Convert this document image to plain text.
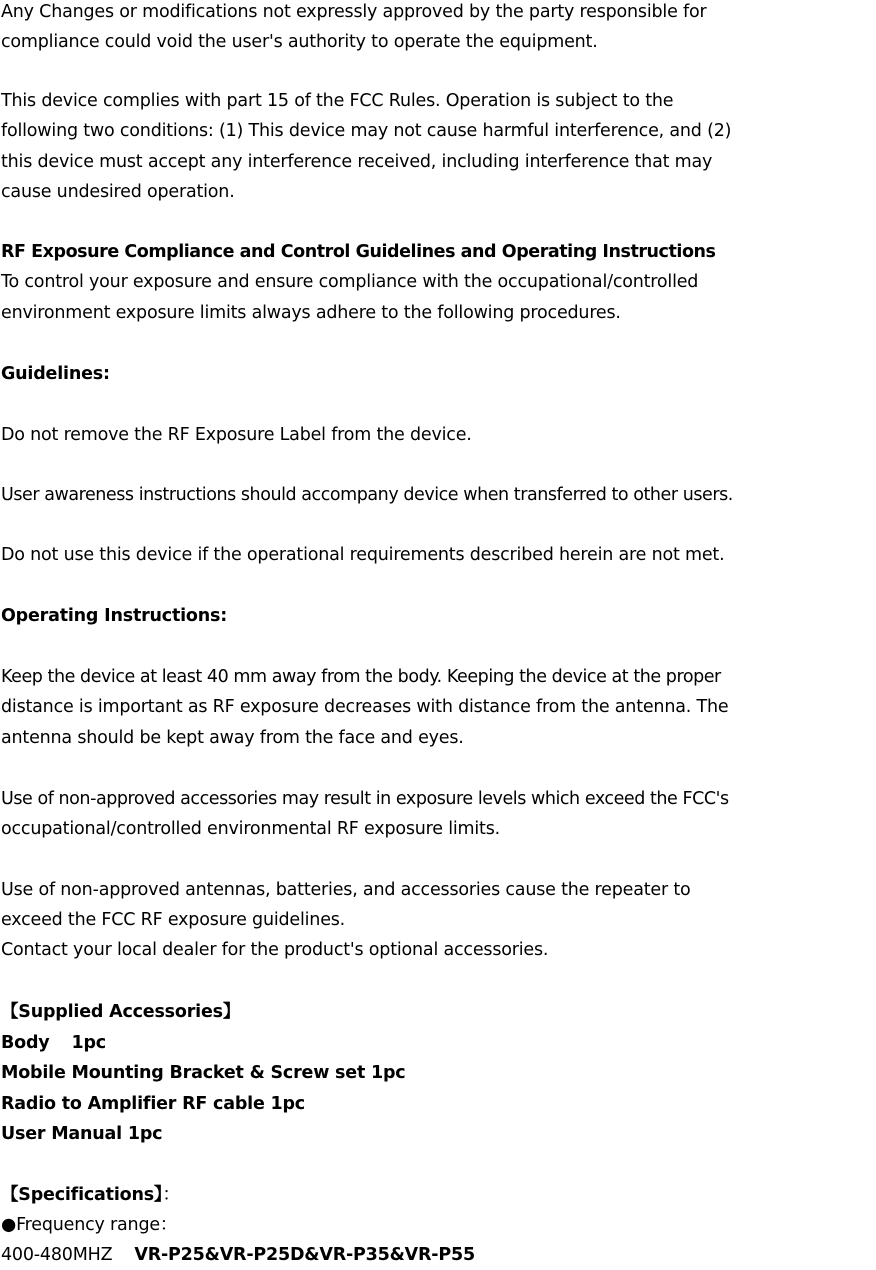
Any Changes or modifications not expressly approved by the party responsible for

compliance could void the user's authority to operate the equipment.

This device complies with part 15 of the FCC Rules. Operation is subject to the

following two conditions: (1) This device may not cause harmful interference, and (2)

this device must accept any interference received, including interference that may

cause undesired operation.

RF Exposure Compliance and Control Guidelines and Operating Instructions

To control your exposure and ensure compliance with the occupational/controlled

environment exposure limits always adhere to the following procedures.

Guidelines:

Do not remove the RF Exposure Label from the device.

User awareness instructions should accompany device when transferred to other users.

Do not use this device if the operational requirements described herein are not met.

Operating Instructions:

Keep the device at least 40 mm away from the body. Keeping the device at the proper

distance is important as RF exposure decreases with distance from the antenna. The

antenna should be kept away from the face and eyes.

Use of non-approved accessories may result in exposure levels which exceed the FCC's

occupational/controlled environmental RF exposure limits.

Use of non-approved antennas, batteries, and accessories cause the repeater to

exceed the FCC RF exposure guidelines.

Contact your local dealer for the product's optional accessories.

【Supplied Accessories】

Body 1pc

Mobile Mounting Bracket & Screw set 1pc

Radio to Amplifier RF cable 1pc

User Manual 1pc

【Specifications】：

●Frequency range：

400-480MHZ VR-P25&VR-P25D&VR-P35&VR-P55
